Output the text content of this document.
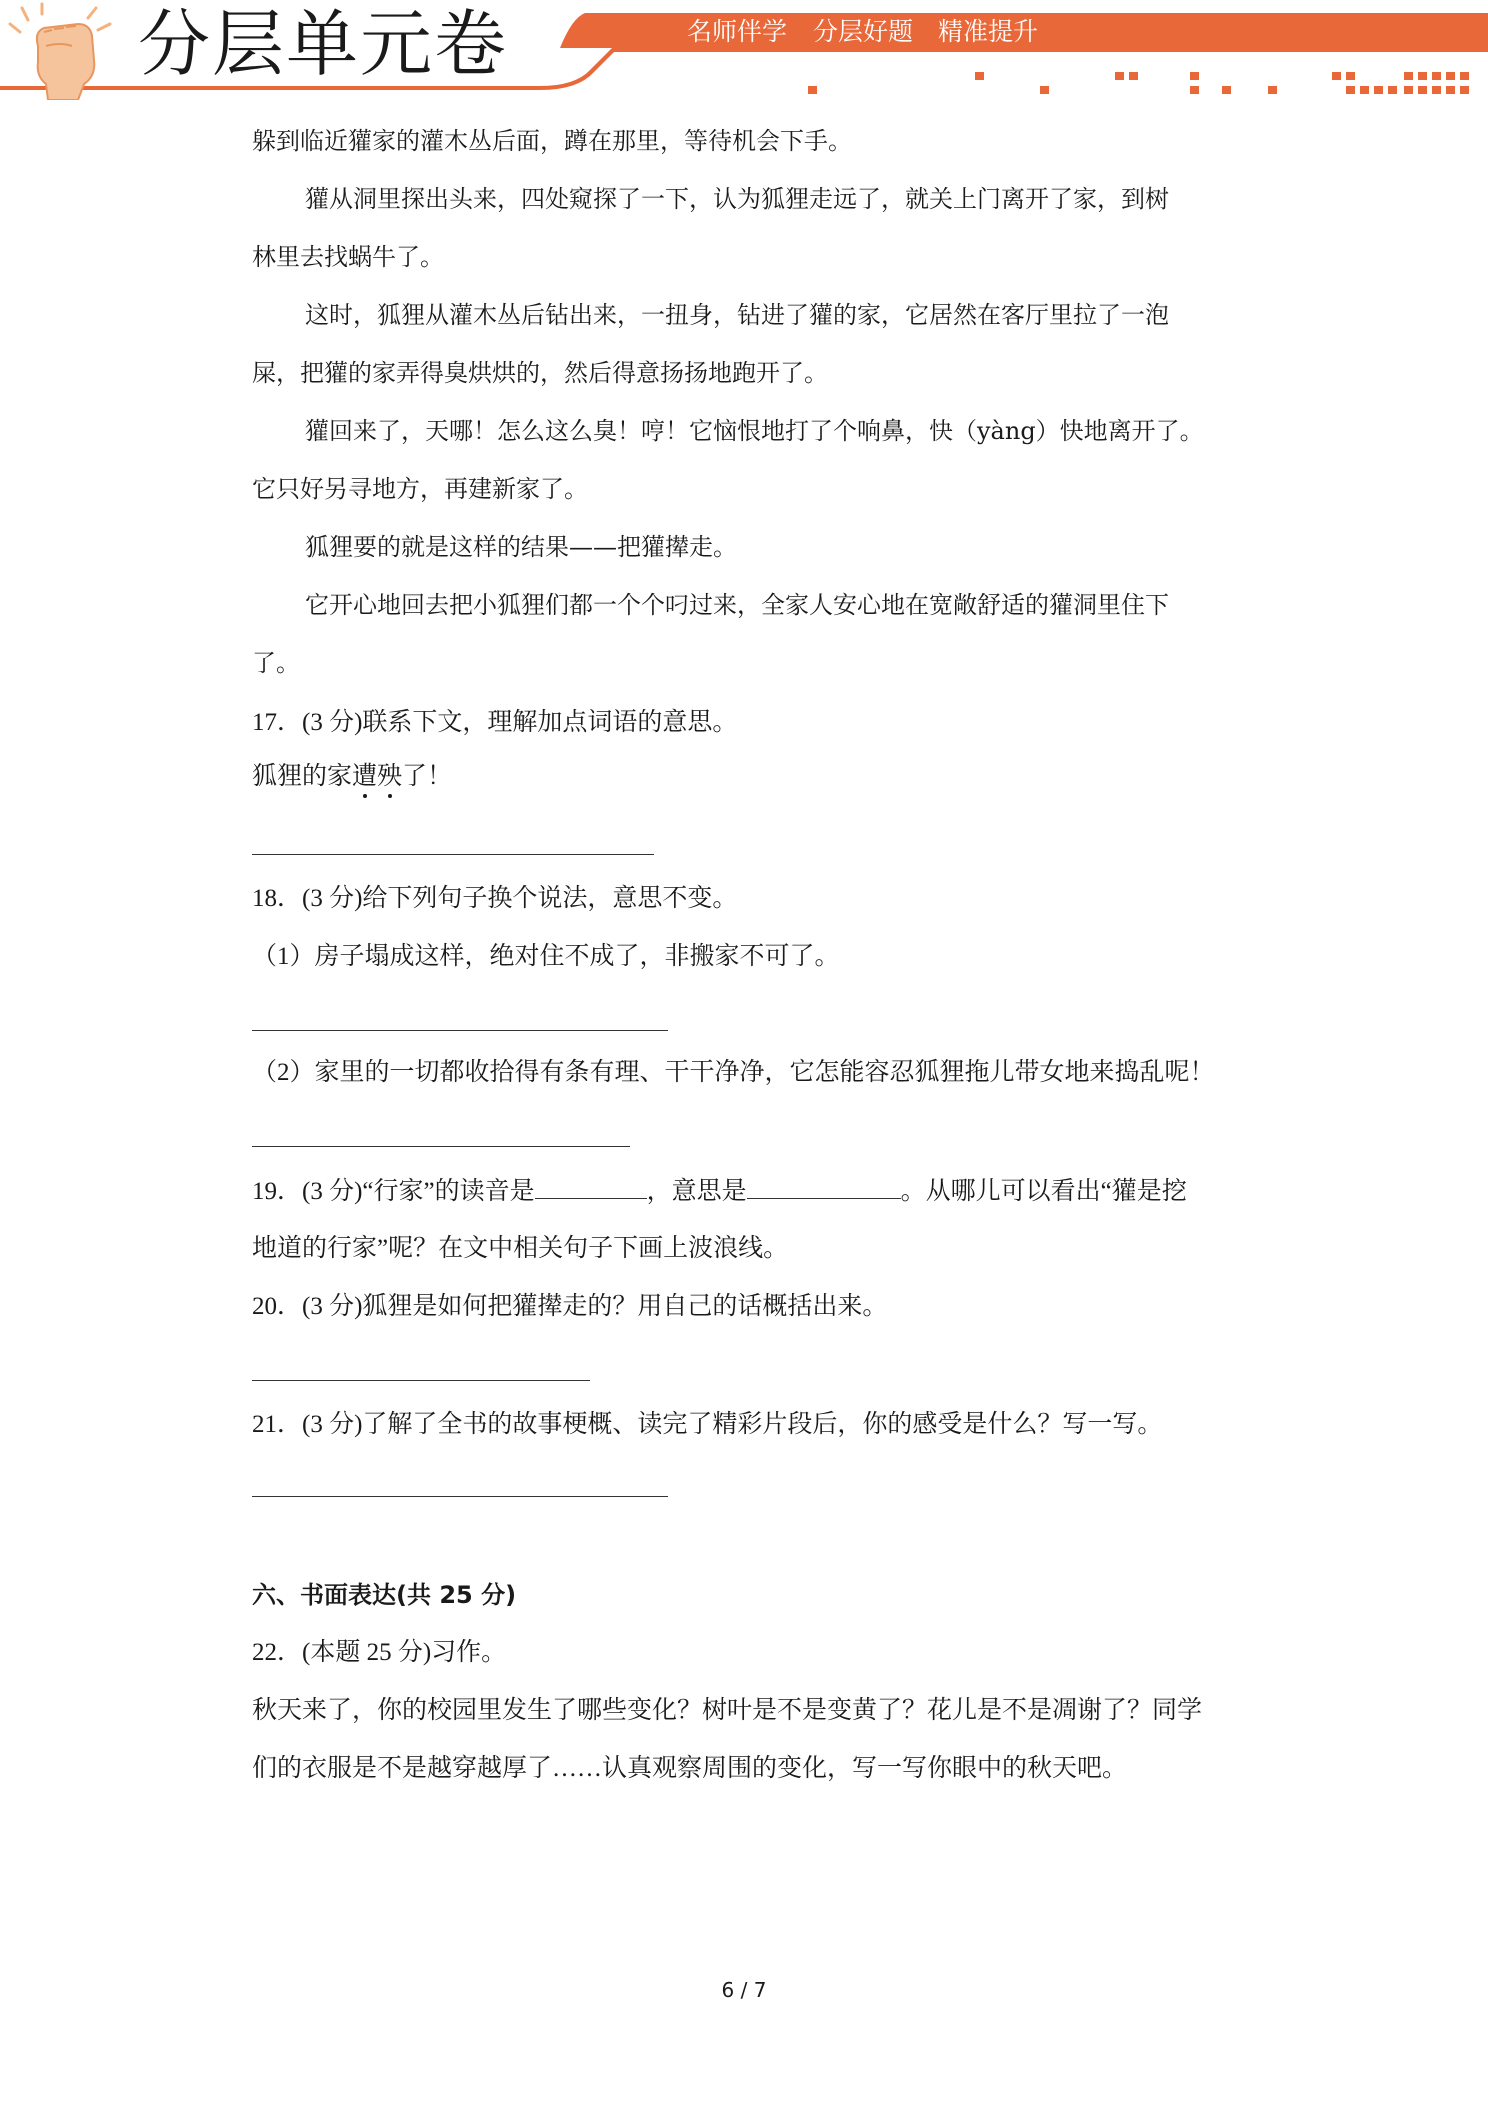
分层单元卷	名师伴学 分层好题 精准提升
躲到临近獾家的灌木丛后面，蹲在那里，等待机会下手。
獾从洞里探出头来，四处窥探了一下，认为狐狸走远了，就关上门离开了家，到树
林里去找蜗牛了。
这时，狐狸从灌木丛后钻出来，一扭身，钻进了獾的家，它居然在客厅里拉了一泡
屎，把獾的家弄得臭烘烘的，然后得意扬扬地跑开了。
獾回来了，天哪！怎么这么臭！哼！它恼恨地打了个响鼻，快（yàng）快地离开了。
它只好另寻地方，再建新家了。
狐狸要的就是这样的结果——把獾撵走。
它开心地回去把小狐狸们都一个个叼过来，全家人安心地在宽敞舒适的獾洞里住下
了。
17．(3 分)联系下文，理解加点词语的意思。
狐狸的家遭殃了！
18．(3 分)给下列句子换个说法，意思不变。
（1）房子塌成这样，绝对住不成了，非搬家不可了。
（2）家里的一切都收拾得有条有理、干干净净，它怎能容忍狐狸拖儿带女地来捣乱呢！
19．(3 分)“行家”的读音是	，意思是	。从哪儿可以看出“獾是挖
地道的行家”呢？在文中相关句子下画上波浪线。
20．(3 分)狐狸是如何把獾撵走的？用自己的话概括出来。
21．(3 分)了解了全书的故事梗概、读完了精彩片段后，你的感受是什么？写一写。
六、书面表达(共 25 分)
22．(本题 25 分)习作。
秋天来了，你的校园里发生了哪些变化？树叶是不是变黄了？花儿是不是凋谢了？同学
们的衣服是不是越穿越厚了……认真观察周围的变化，写一写你眼中的秋天吧。
6 / 7
